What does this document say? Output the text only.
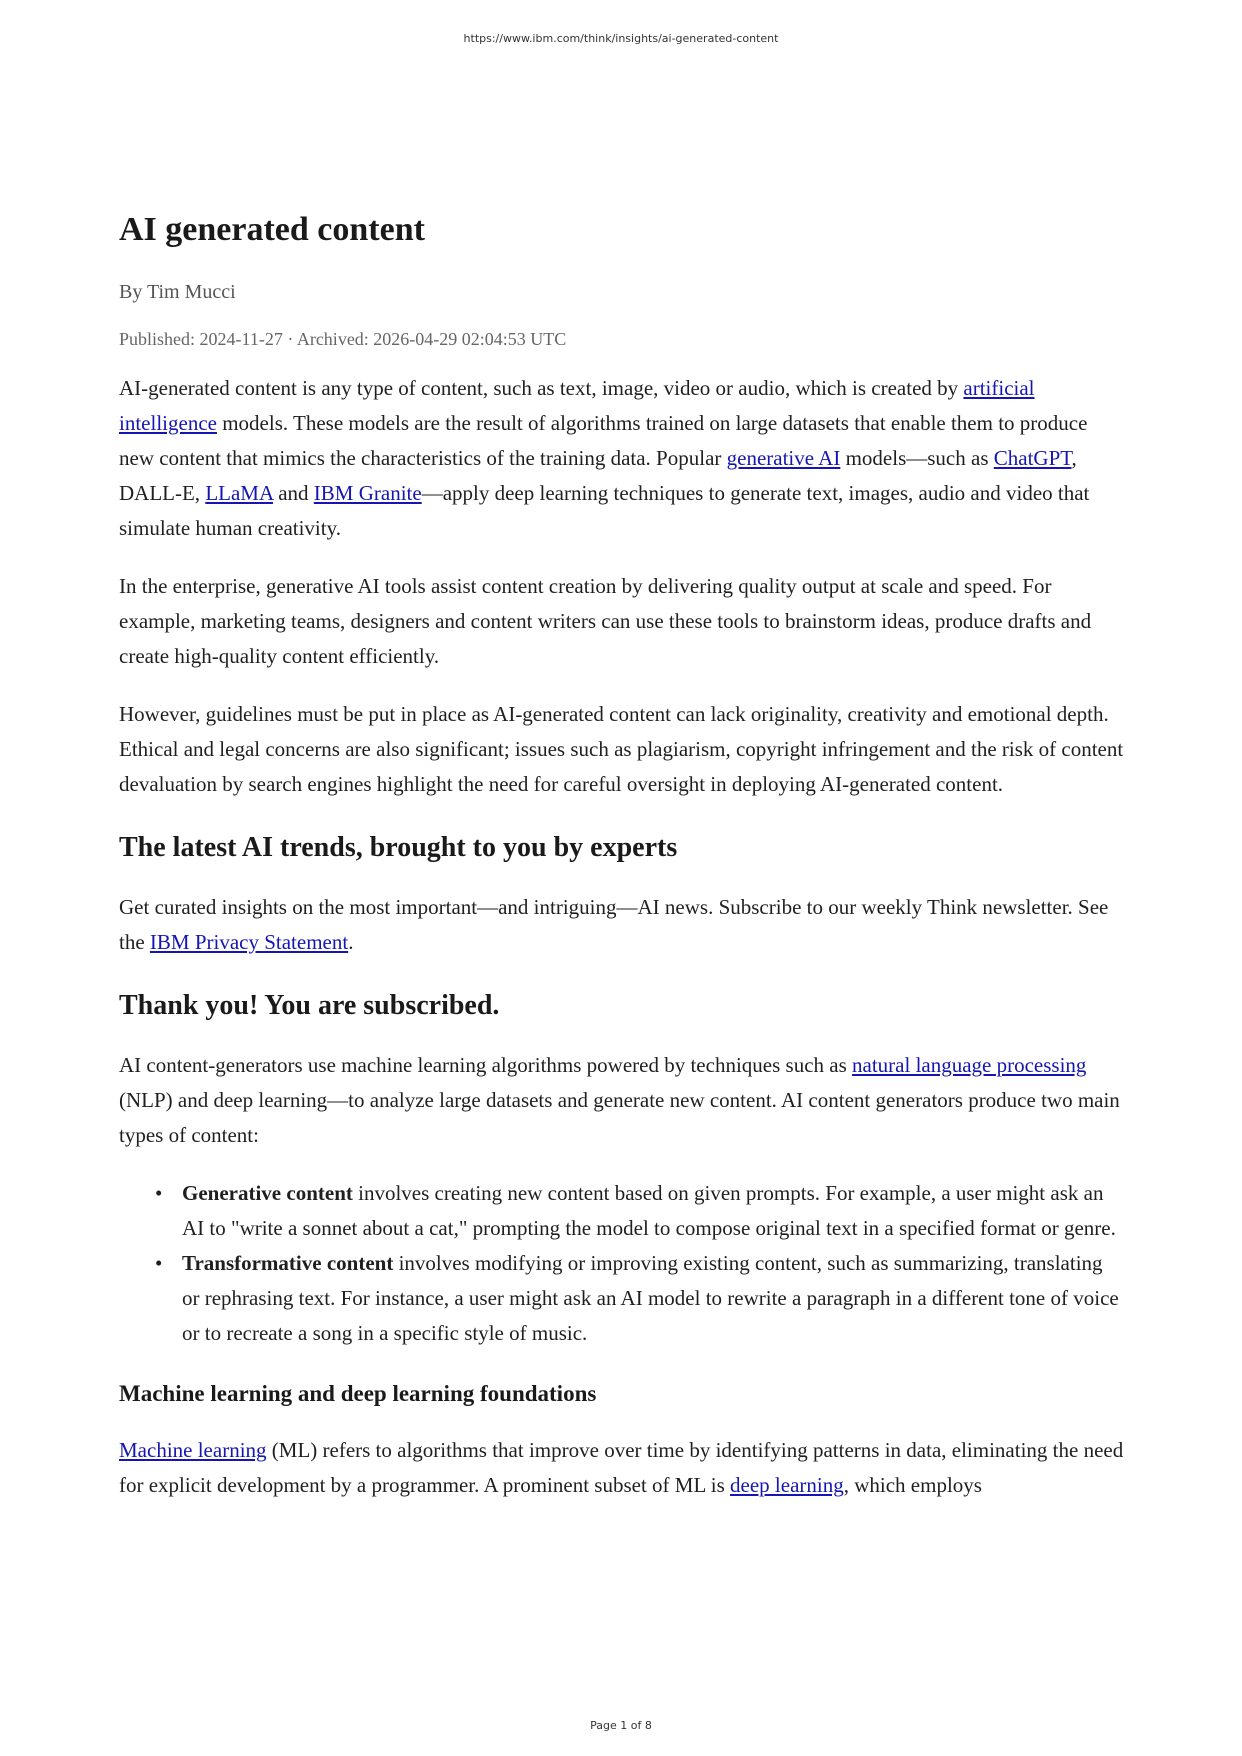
https://www.ibm.com/think/insights/ai-generated-content
AI generated content
By Tim Mucci
Published: 2024-11-27 · Archived: 2026-04-29 02:04:53 UTC

AI-generated content is any type of content, such as text, image, video or audio, which is created by artificial intelligence models. These models are the result of algorithms trained on large datasets that enable them to produce new content that mimics the characteristics of the training data. Popular generative AI models—such as ChatGPT, DALL-E, LLaMA and IBM Granite—apply deep learning techniques to generate text, images, audio and video that simulate human creativity.

In the enterprise, generative AI tools assist content creation by delivering quality output at scale and speed. For example, marketing teams, designers and content writers can use these tools to brainstorm ideas, produce drafts and create high-quality content efficiently.

However, guidelines must be put in place as AI-generated content can lack originality, creativity and emotional depth. Ethical and legal concerns are also significant; issues such as plagiarism, copyright infringement and the risk of content devaluation by search engines highlight the need for careful oversight in deploying AI-generated content.

The latest AI trends, brought to you by experts

Get curated insights on the most important—and intriguing—AI news. Subscribe to our weekly Think newsletter. See the IBM Privacy Statement.

Thank you! You are subscribed.

AI content-generators use machine learning algorithms powered by techniques such as natural language processing (NLP) and deep learning—to analyze large datasets and generate new content. AI content generators produce two main types of content:

• Generative content involves creating new content based on given prompts. For example, a user might ask an AI to "write a sonnet about a cat," prompting the model to compose original text in a specified format or genre.
• Transformative content involves modifying or improving existing content, such as summarizing, translating or rephrasing text. For instance, a user might ask an AI model to rewrite a paragraph in a different tone of voice or to recreate a song in a specific style of music.
Machine learning and deep learning foundations

Machine learning (ML) refers to algorithms that improve over time by identifying patterns in data, eliminating the need for explicit development by a programmer. A prominent subset of ML is deep learning, which employs

Page 1 of 8
